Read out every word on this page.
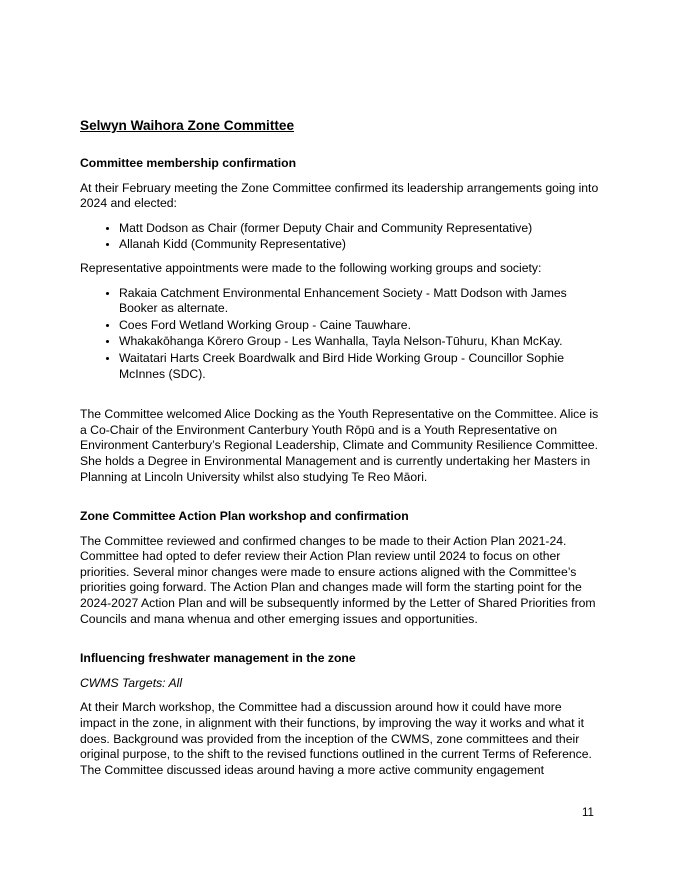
Selwyn Waihora Zone Committee
Committee membership confirmation

At their February meeting the Zone Committee confirmed its leadership arrangements going into 2024 and elected:

• Matt Dodson as Chair (former Deputy Chair and Community Representative)
• Allanah Kidd (Community Representative)

Representative appointments were made to the following working groups and society:

• Rakaia Catchment Environmental Enhancement Society - Matt Dodson with James Booker as alternate.
• Coes Ford Wetland Working Group - Caine Tauwhare.
• Whakakōhanga Kōrero Group - Les Wanhalla, Tayla Nelson-Tūhuru, Khan McKay.
• Waitatari Harts Creek Boardwalk and Bird Hide Working Group - Councillor Sophie McInnes (SDC).

The Committee welcomed Alice Docking as the Youth Representative on the Committee. Alice is a Co-Chair of the Environment Canterbury Youth Rōpū and is a Youth Representative on Environment Canterbury’s Regional Leadership, Climate and Community Resilience Committee. She holds a Degree in Environmental Management and is currently undertaking her Masters in Planning at Lincoln University whilst also studying Te Reo Māori.

Zone Committee Action Plan workshop and confirmation

The Committee reviewed and confirmed changes to be made to their Action Plan 2021-24. Committee had opted to defer review their Action Plan review until 2024 to focus on other priorities. Several minor changes were made to ensure actions aligned with the Committee’s priorities going forward. The Action Plan and changes made will form the starting point for the 2024-2027 Action Plan and will be subsequently informed by the Letter of Shared Priorities from Councils and mana whenua and other emerging issues and opportunities.

Influencing freshwater management in the zone

CWMS Targets: All

At their March workshop, the Committee had a discussion around how it could have more impact in the zone, in alignment with their functions, by improving the way it works and what it does. Background was provided from the inception of the CWMS, zone committees and their original purpose, to the shift to the revised functions outlined in the current Terms of Reference. The Committee discussed ideas around having a more active community engagement

11
